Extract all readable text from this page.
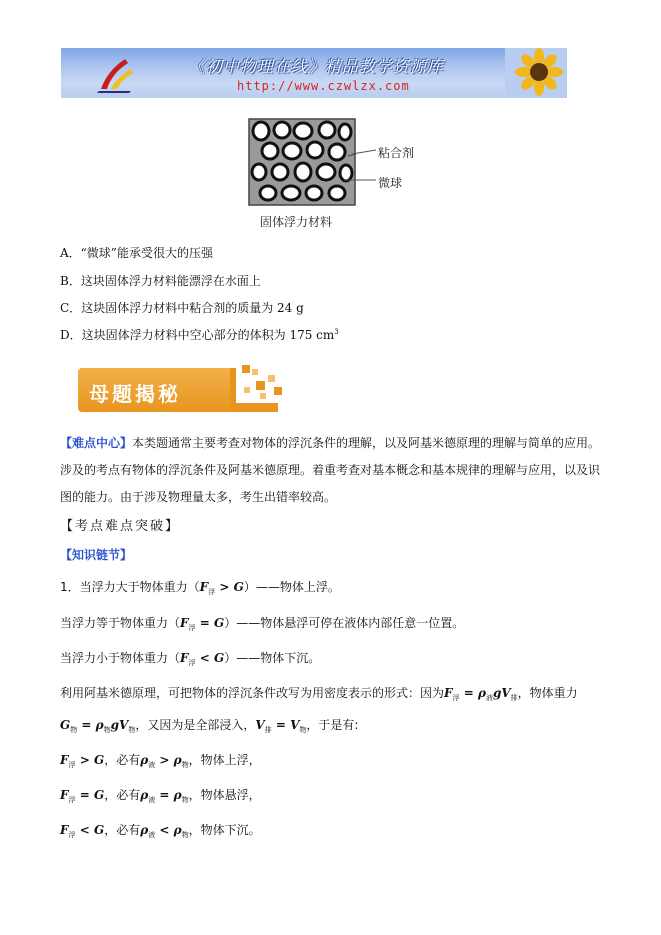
《初中物理在线》精品教学资源库
http://www.czwlzx.com
粘合剂
微球
固体浮力材料
A．“微球”能承受很大的压强
B．这块固体浮力材料能漂浮在水面上
C．这块固体浮力材料中粘合剂的质量为 24 g
D．这块固体浮力材料中空心部分的体积为 175 $cm^3$
母题揭秘
【难点中心】本类题通常主要考查对物体的浮沉条件的理解，以及阿基米德原理的理解与简单的应用。涉及的考点有物体的浮沉条件及阿基米德原理。着重考查对基本概念和基本规律的理解与应用，以及识图的能力。由于涉及物理量太多，考生出错率较高。
【考点难点突破】
【知识链节】
1．当浮力大于物体重力（$F_浮$ > G）——物体上浮。
当浮力等于物体重力（$F_浮$ = G）——物体悬浮可停在液体内部任意一位置。
当浮力小于物体重力（$F_浮$ < G）——物体下沉。
利用阿基米德原理，可把物体的浮沉条件改写为用密度表示的形式：因为$F_浮 = \rho_液gV_排$，物体重力
$G_物 = \rho_物gV_物$，又因为是全部浸入，$V_排 = V_物$，于是有:
$F_浮 > G$，必有$\rho_液 > \rho_物$，物体上浮，
$F_浮 = G$，必有$\rho_液 = \rho_物$，物体悬浮，
$F_浮 < G$，必有$\rho_液 < \rho_物$，物体下沉。
